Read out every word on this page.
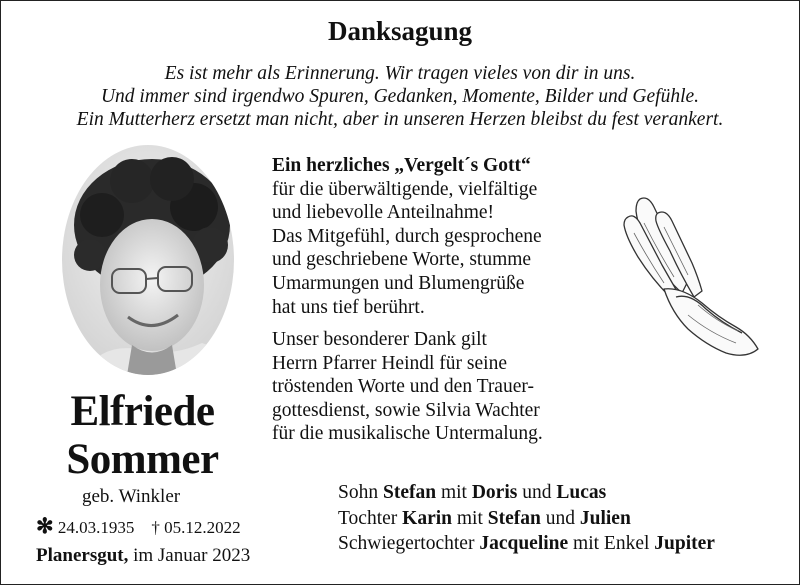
Danksagung
Es ist mehr als Erinnerung. Wir tragen vieles von dir in uns.
Und immer sind irgendwo Spuren, Gedanken, Momente, Bilder und Gefühle.
Ein Mutterherz ersetzt man nicht, aber in unseren Herzen bleibst du fest verankert.
Elfriede
Sommer
geb. Winkler
✻ 24.03.1935 † 05.12.2022
Planersgut, im Januar 2023
Ein herzliches „Vergelt´s Gott“
für die überwältigende, vielfältige
und liebevolle Anteilnahme!
Das Mitgefühl, durch gesprochene
und geschriebene Worte, stumme
Umarmungen und Blumengrüße
hat uns tief berührt.
Unser besonderer Dank gilt
Herrn Pfarrer Heindl für seine
tröstenden Worte und den Trauer-
gottesdienst, sowie Silvia Wachter
für die musikalische Untermalung.
Sohn Stefan mit Doris und Lucas
Tochter Karin mit Stefan und Julien
Schwiegertochter Jacqueline mit Enkel Jupiter
